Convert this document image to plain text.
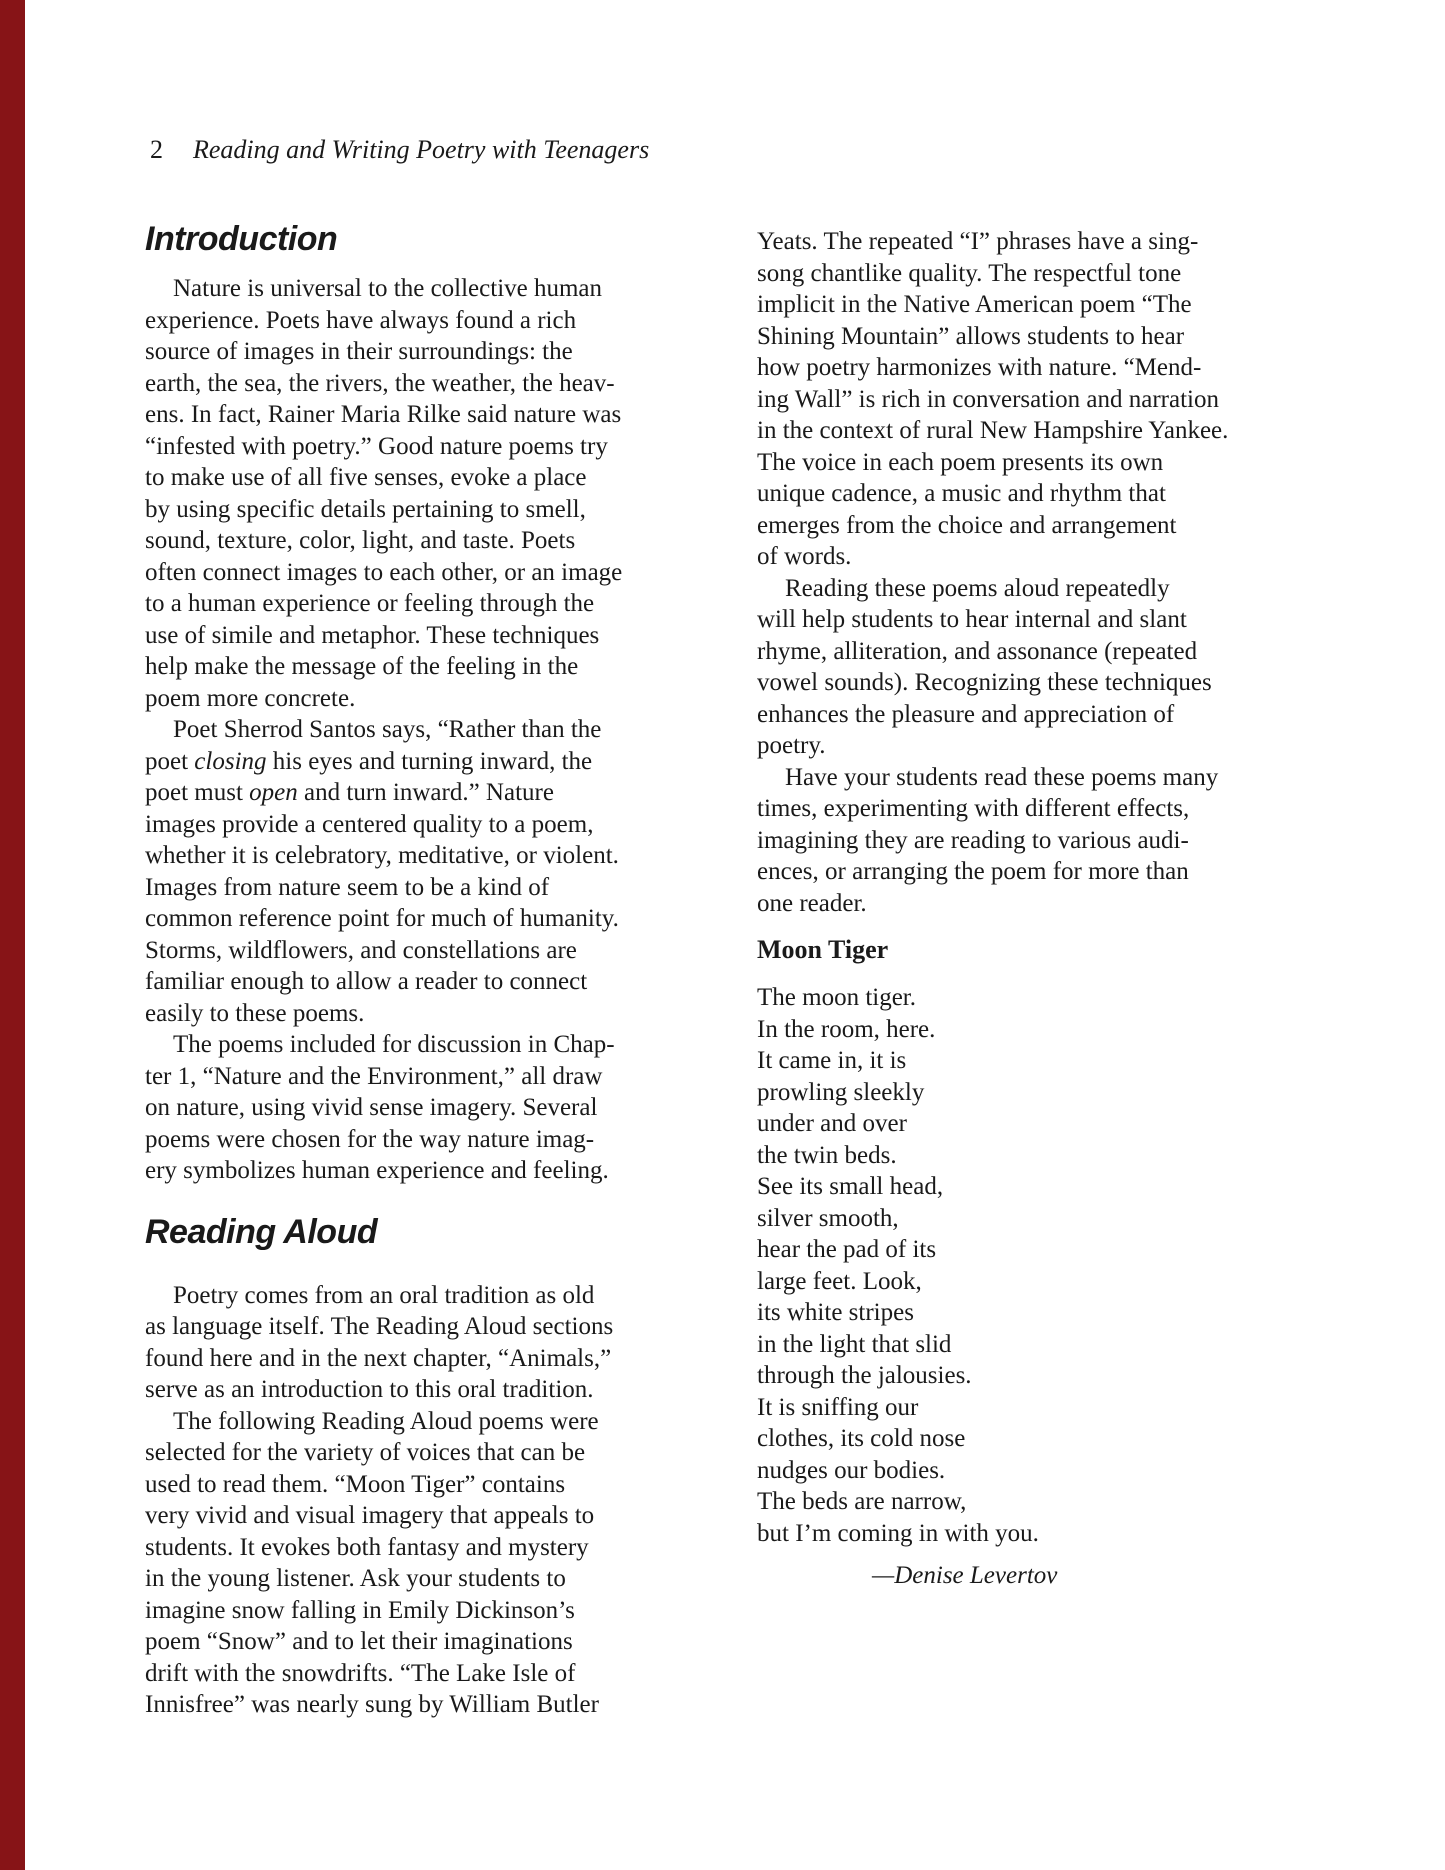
2 Reading and Writing Poetry with Teenagers
Introduction
Nature is universal to the collective human
experience. Poets have always found a rich
source of images in their surroundings: the
earth, the sea, the rivers, the weather, the heav-
ens. In fact, Rainer Maria Rilke said nature was
“infested with poetry.” Good nature poems try
to make use of all five senses, evoke a place
by using specific details pertaining to smell,
sound, texture, color, light, and taste. Poets
often connect images to each other, or an image
to a human experience or feeling through the
use of simile and metaphor. These techniques
help make the message of the feeling in the
poem more concrete.
Poet Sherrod Santos says, “Rather than the
poet closing his eyes and turning inward, the
poet must open and turn inward.” Nature
images provide a centered quality to a poem,
whether it is celebratory, meditative, or violent.
Images from nature seem to be a kind of
common reference point for much of humanity.
Storms, wildflowers, and constellations are
familiar enough to allow a reader to connect
easily to these poems.
The poems included for discussion in Chap-
ter 1, “Nature and the Environment,” all draw
on nature, using vivid sense imagery. Several
poems were chosen for the way nature imag-
ery symbolizes human experience and feeling.
Reading Aloud
Poetry comes from an oral tradition as old
as language itself. The Reading Aloud sections
found here and in the next chapter, “Animals,”
serve as an introduction to this oral tradition.
The following Reading Aloud poems were
selected for the variety of voices that can be
used to read them. “Moon Tiger” contains
very vivid and visual imagery that appeals to
students. It evokes both fantasy and mystery
in the young listener. Ask your students to
imagine snow falling in Emily Dickinson’s
poem “Snow” and to let their imaginations
drift with the snowdrifts. “The Lake Isle of
Innisfree” was nearly sung by William Butler
Yeats. The repeated “I” phrases have a sing-
song chantlike quality. The respectful tone
implicit in the Native American poem “The
Shining Mountain” allows students to hear
how poetry harmonizes with nature. “Mend-
ing Wall” is rich in conversation and narration
in the context of rural New Hampshire Yankee.
The voice in each poem presents its own
unique cadence, a music and rhythm that
emerges from the choice and arrangement
of words.
Reading these poems aloud repeatedly
will help students to hear internal and slant
rhyme, alliteration, and assonance (repeated
vowel sounds). Recognizing these techniques
enhances the pleasure and appreciation of
poetry.
Have your students read these poems many
times, experimenting with different effects,
imagining they are reading to various audi-
ences, or arranging the poem for more than
one reader.
Moon Tiger
The moon tiger.
In the room, here.
It came in, it is
prowling sleekly
under and over
the twin beds.
See its small head,
silver smooth,
hear the pad of its
large feet. Look,
its white stripes
in the light that slid
through the jalousies.
It is sniffing our
clothes, its cold nose
nudges our bodies.
The beds are narrow,
but I’m coming in with you.
—Denise Levertov
